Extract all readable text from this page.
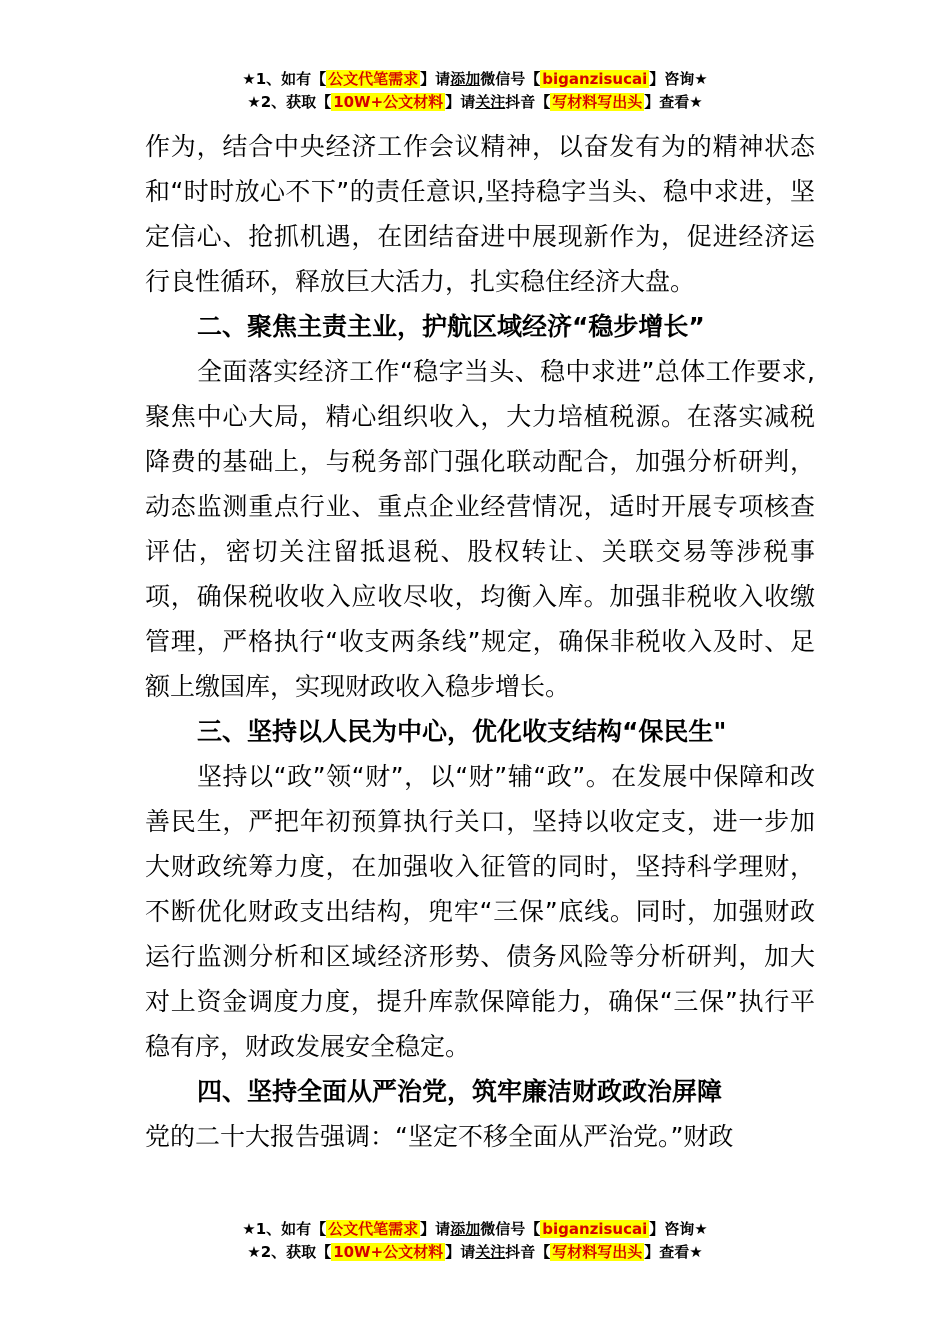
★1、如有【 公文代笔需求 】请添加微信号【 biganzisucai 】咨询★
★2、获取【 10W+公文材料 】请关注抖音【 写材料写出头 】查看★

作为，结合中央经济工作会议精神，以奋发有为的精神状态和“时时放心不下”的责任意识,坚持稳字当头、稳中求进，坚定信心、抢抓机遇，在团结奋进中展现新作为，促进经济运行良性循环，释放巨大活力，扎实稳住经济大盘。

二、聚焦主责主业，护航区域经济“稳步增长”

全面落实经济工作“稳字当头、稳中求进”总体工作要求,聚焦中心大局，精心组织收入，大力培植税源。在落实减税降费的基础上，与税务部门强化联动配合，加强分析研判，动态监测重点行业、重点企业经营情况，适时开展专项核查评估，密切关注留抵退税、股权转让、关联交易等涉税事项，确保税收收入应收尽收，均衡入库。加强非税收入收缴管理，严格执行“收支两条线”规定，确保非税收入及时、足额上缴国库，实现财政收入稳步增长。

三、坚持以人民为中心，优化收支结构“保民生"

坚持以“政”领“财”，以“财”辅“政”。在发展中保障和改善民生，严把年初预算执行关口，坚持以收定支，进一步加大财政统筹力度，在加强收入征管的同时，坚持科学理财，不断优化财政支出结构，兜牢“三保”底线。同时，加强财政运行监测分析和区域经济形势、债务风险等分析研判，加大对上资金调度力度，提升库款保障能力，确保“三保”执行平稳有序，财政发展安全稳定。

四、坚持全面从严治党，筑牢廉洁财政政治屏障

党的二十大报告强调：“坚定不移全面从严治党。”财政

★1、如有【 公文代笔需求 】请添加微信号【 biganzisucai 】咨询★
★2、获取【 10W+公文材料 】请关注抖音【 写材料写出头 】查看★
